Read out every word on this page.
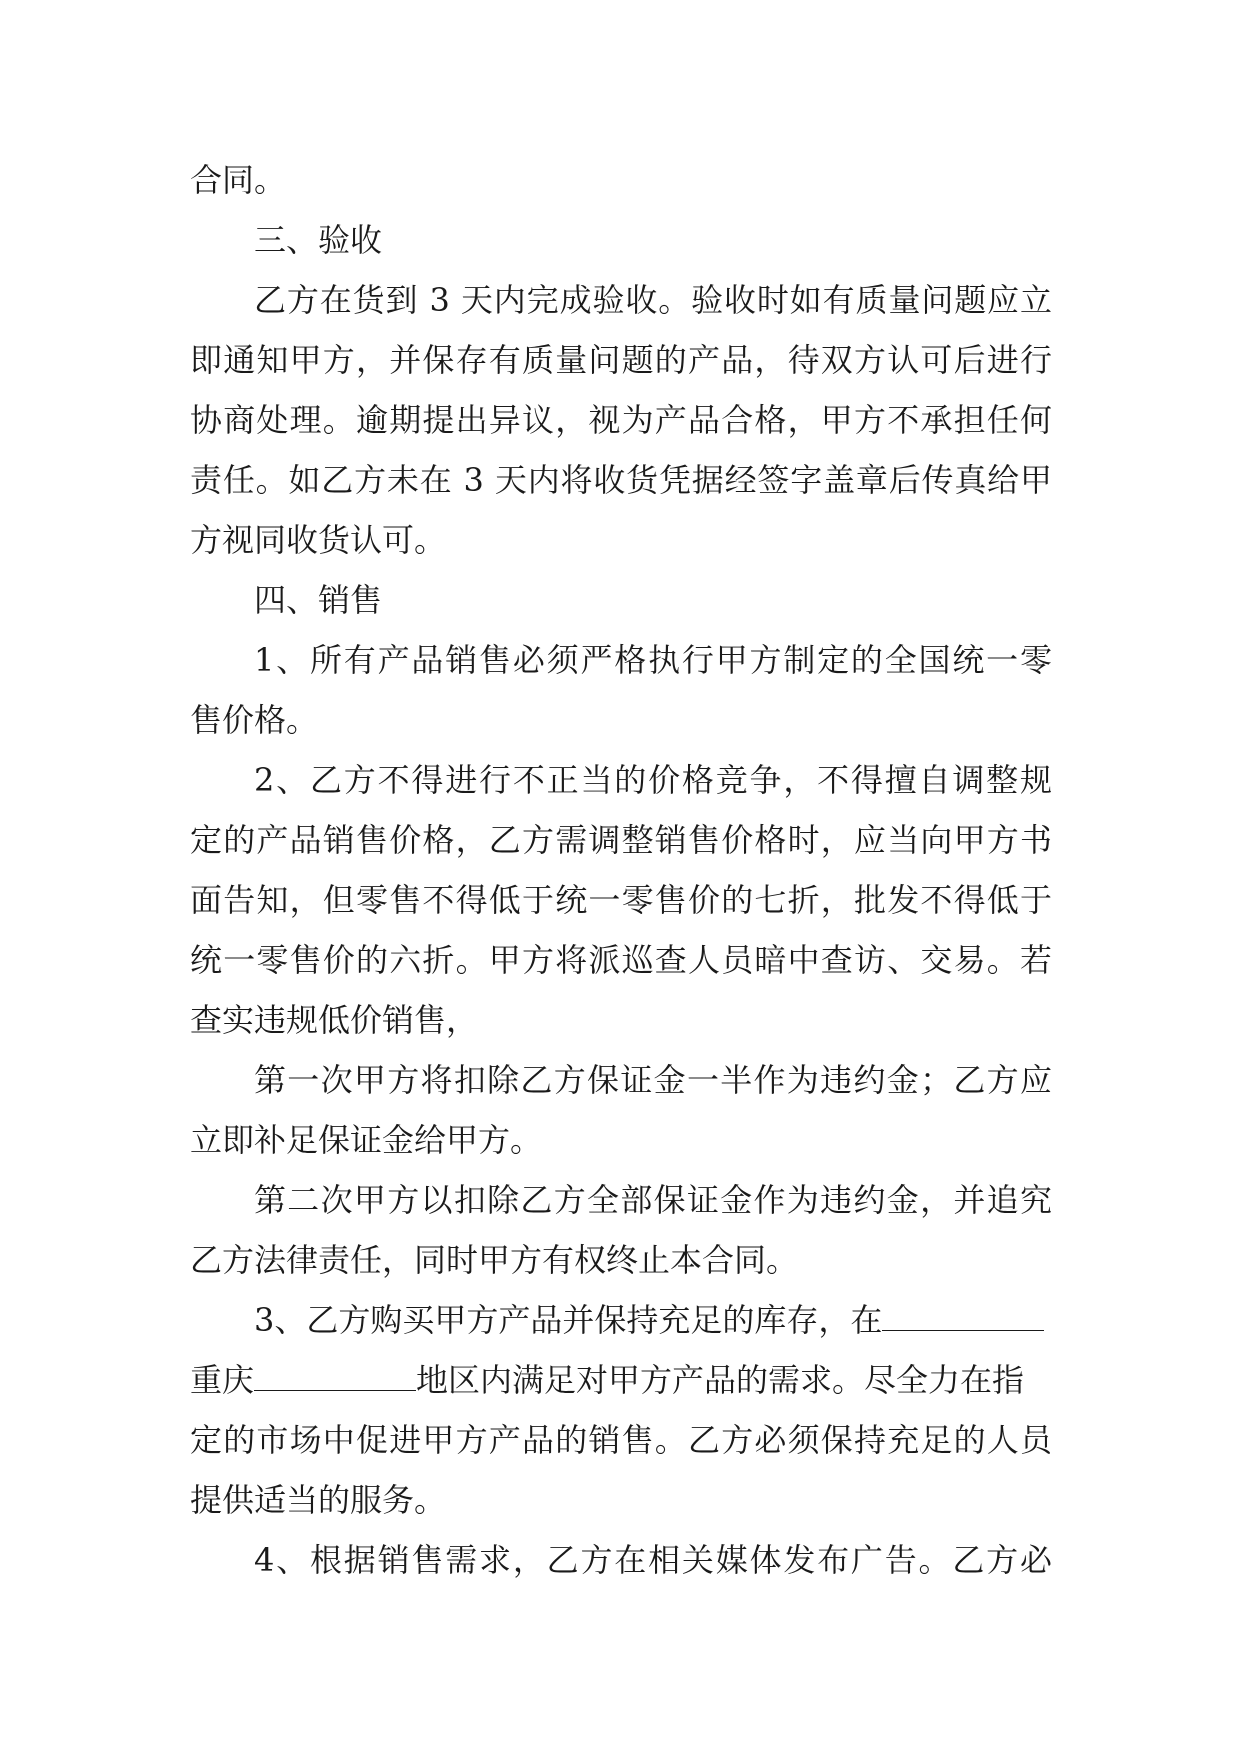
合同。
三、验收
乙方在货到 3 天内完成验收。验收时如有质量问题应立
即通知甲方，并保存有质量问题的产品，待双方认可后进行
协商处理。逾期提出异议，视为产品合格，甲方不承担任何
责任。如乙方未在 3 天内将收货凭据经签字盖章后传真给甲
方视同收货认可。
四、销售
1、所有产品销售必须严格执行甲方制定的全国统一零
售价格。
2、乙方不得进行不正当的价格竞争，不得擅自调整规
定的产品销售价格，乙方需调整销售价格时，应当向甲方书
面告知，但零售不得低于统一零售价的七折，批发不得低于
统一零售价的六折。甲方将派巡查人员暗中查访、交易。若
查实违规低价销售，
第一次甲方将扣除乙方保证金一半作为违约金；乙方应
立即补足保证金给甲方。
第二次甲方以扣除乙方全部保证金作为违约金，并追究
乙方法律责任，同时甲方有权终止本合同。
3、乙方购买甲方产品并保持充足的库存，在
重庆	地区内满足对甲方产品的需求。尽全力在指
定的市场中促进甲方产品的销售。乙方必须保持充足的人员
提供适当的服务。
4、根据销售需求，乙方在相关媒体发布广告。乙方必
